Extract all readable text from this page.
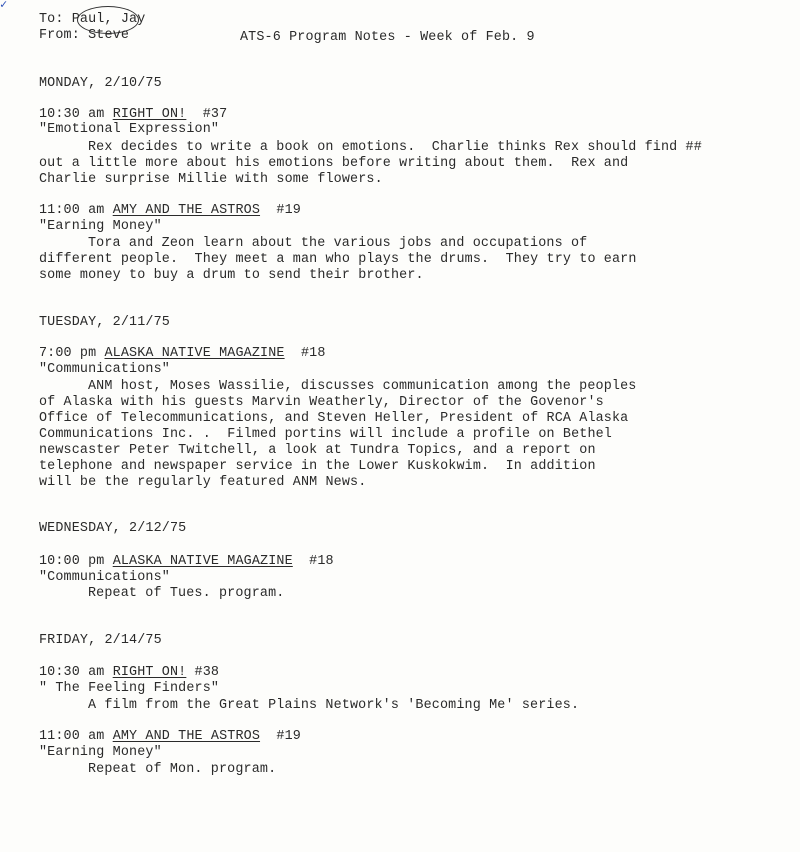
✓
To: Paul, Jay
From: Steve	ATS-6 Program Notes - Week of Feb. 9
MONDAY, 2/10/75
10:30 am RIGHT ON! #37
"Emotional Expression"
Rex decides to write a book on emotions.  Charlie thinks Rex should find ##
out a little more about his emotions before writing about them.  Rex and
Charlie surprise Millie with some flowers.
11:00 am AMY AND THE ASTROS #19
"Earning Money"
Tora and Zeon learn about the various jobs and occupations of
different people.  They meet a man who plays the drums.  They try to earn
some money to buy a drum to send their brother.
TUESDAY, 2/11/75
7:00 pm ALASKA NATIVE MAGAZINE #18
"Communications"
ANM host, Moses Wassilie, discusses communication among the peoples
of Alaska with his guests Marvin Weatherly, Director of the Govenor's
Office of Telecommunications, and Steven Heller, President of RCA Alaska
Communications Inc. .  Filmed portins will include a profile on Bethel
newscaster Peter Twitchell, a look at Tundra Topics, and a report on
telephone and newspaper service in the Lower Kuskokwim.  In addition
will be the regularly featured ANM News.
WEDNESDAY, 2/12/75
10:00 pm ALASKA NATIVE MAGAZINE #18
"Communications"
Repeat of Tues. program.
FRIDAY, 2/14/75
10:30 am RIGHT ON! #38
" The Feeling Finders"
A film from the Great Plains Network's 'Becoming Me' series.
11:00 am AMY AND THE ASTROS #19
"Earning Money"
Repeat of Mon. program.
